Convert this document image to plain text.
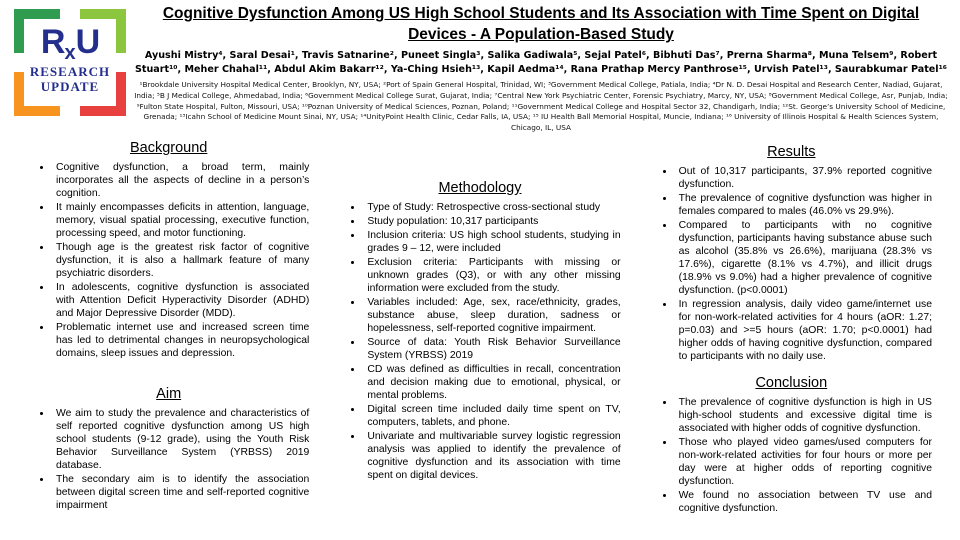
RxU
RESEARCH
UPDATE
Cognitive Dysfunction Among US High School Students and Its Association with Time Spent on Digital Devices - A Population-Based Study

Ayushi Mistry⁴, Saral Desai¹, Travis Satnarine², Puneet Singla³, Salika Gadiwala⁵, Sejal Patel⁶, Bibhuti Das⁷, Prerna Sharma⁸, Muna Telsem⁹, Robert Stuart¹⁰, Meher Chahal¹¹, Abdul Akim Bakarr¹², Ya-Ching Hsieh¹³, Kapil Aedma¹⁴, Rana Prathap Mercy Panthrose¹⁵, Urvish Patel¹³, Saurabkumar Patel¹⁶

¹Brookdale University Hospital Medical Center, Brooklyn, NY, USA; ²Port of Spain General Hospital, Trinidad, WI; ³Government Medical College, Patiala, India; ⁴Dr N. D. Desai Hospital and Research Center, Nadiad, Gujarat, India; ⁵B J Medical College, Ahmedabad, India; ⁶Government Medical College Surat, Gujarat, India; ⁷Central New York Psychiatric Center, Forensic Psychiatry, Marcy, NY, USA; ⁸Government Medical College, Asr, Punjab, India; ⁹Fulton State Hospital, Fulton, Missouri, USA; ¹⁰Poznan University of Medical Sciences, Poznan, Poland; ¹¹Government Medical College and Hospital Sector 32, Chandigarh, India; ¹²St. George’s University School of Medicine, Grenada; ¹³Icahn School of Medicine Mount Sinai, NY, USA; ¹⁴UnityPoint Health Clinic, Cedar Falls, IA, USA; ¹⁵ IU Health Ball Memorial Hospital, Muncie, Indiana; ¹⁶ University of Illinois Hospital & Health Sciences System, Chicago, IL, USA

Background
• Cognitive dysfunction, a broad term, mainly incorporates all the aspects of decline in a person’s cognition.
• It mainly encompasses deficits in attention, language, memory, visual spatial processing, executive function, processing speed, and motor functioning.
• Though age is the greatest risk factor of cognitive dysfunction, it is also a hallmark feature of many psychiatric disorders.
• In adolescents, cognitive dysfunction is associated with Attention Deficit Hyperactivity Disorder (ADHD) and Major Depressive Disorder (MDD).
• Problematic internet use and increased screen time has led to detrimental changes in neuropsychological domains, sleep issues and depression.
Aim
• We aim to study the prevalence and characteristics of self reported cognitive dysfunction among US high school students (9-12 grade), using the Youth Risk Behavior Surveillance System (YRBSS) 2019 database.
• The secondary aim is to identify the association between digital screen time and self-reported cognitive impairment
Methodology
• Type of Study: Retrospective cross-sectional study
• Study population: 10,317 participants
• Inclusion criteria: US high school students, studying in grades 9 – 12, were included
• Exclusion criteria: Participants with missing or unknown grades (Q3), or with any other missing information were excluded from the study.
• Variables included: Age, sex, race/ethnicity, grades, substance abuse, sleep duration, sadness or hopelessness, self-reported cognitive impairment.
• Source of data: Youth Risk Behavior Surveillance System (YRBSS) 2019
• CD was defined as difficulties in recall, concentration and decision making due to emotional, physical, or mental problems.
• Digital screen time included daily time spent on TV, computers, tablets, and phone.
• Univariate and multivariable survey logistic regression analysis was applied to identify the prevalence of cognitive dysfunction and its association with time spent on digital devices.
Results
• Out of 10,317 participants, 37.9% reported cognitive dysfunction.
• The prevalence of cognitive dysfunction was higher in females compared to males (46.0% vs 29.9%).
• Compared to participants with no cognitive dysfunction, participants having substance abuse such as alcohol (35.8% vs 26.6%), marijuana (28.3% vs 17.6%), cigarette (8.1% vs 4.7%), and illicit drugs (18.9% vs 9.0%) had a higher prevalence of cognitive dysfunction. (p<0.0001)
• In regression analysis, daily video game/internet use for non-work-related activities for 4 hours (aOR: 1.27; p=0.03) and >=5 hours (aOR: 1.70; p<0.0001) had higher odds of having cognitive dysfunction, compared to participants with no daily use.
Conclusion
• The prevalence of cognitive dysfunction is high in US high-school students and excessive digital time is associated with higher odds of cognitive dysfunction.
• Those who played video games/used computers for non-work-related activities for four hours or more per day were at higher odds of reporting cognitive dysfunction.
• We found no association between TV use and cognitive dysfunction.
